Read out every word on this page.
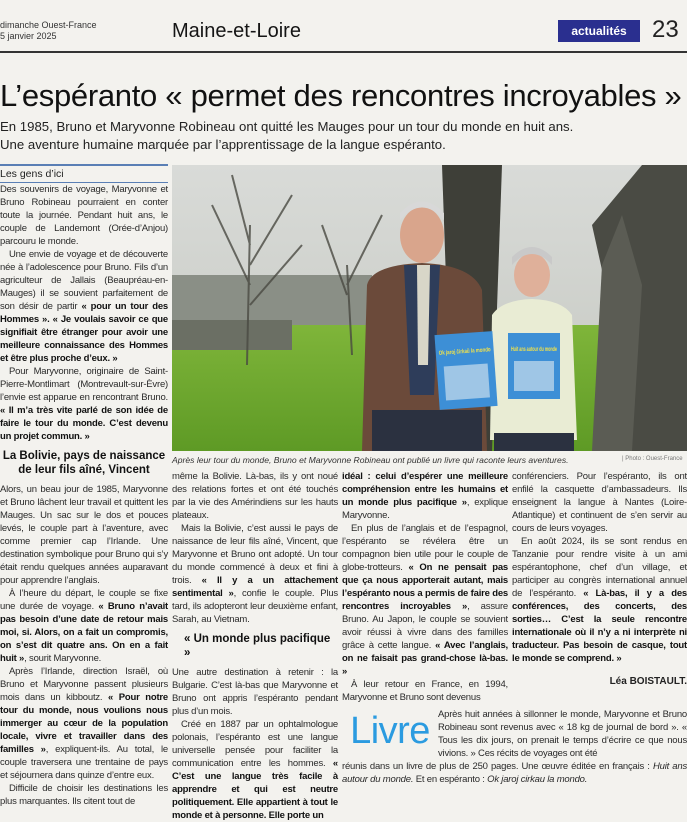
dimanche Ouest-France
5 janvier 2025	Maine-et-Loire	actualités	23
L’espéranto « permet des rencontres incroyables »
En 1985, Bruno et Maryvonne Robineau ont quitté les Mauges pour un tour du monde en huit ans.
Une aventure humaine marquée par l’apprentissage de la langue espéranto.
Les gens d’ici

Des souvenirs de voyage, Maryvonne et Bruno Robineau pourraient en conter toute la journée. Pendant huit ans, le couple de Landemont (Orée-d’Anjou) parcouru le monde.

Une envie de voyage et de découverte née à l’adolescence pour Bruno. Fils d’un agriculteur de Jallais (Beaupréau-en-Mauges) il se souvient parfaitement de son désir de partir « pour un tour des Hommes ». « Je voulais savoir ce que signifiait être étranger pour avoir une meilleure connaissance des Hommes et être plus proche d’eux. »

Pour Maryvonne, originaire de Saint-Pierre-Montlimart (Montrevault-sur-Èvre) l’envie est apparue en rencontrant Bruno. « Il m’a très vite parlé de son idée de faire le tour du monde. C’est devenu un projet commun. »

La Bolivie, pays de naissance de leur fils aîné, Vincent

Alors, un beau jour de 1985, Maryvonne et Bruno lâchent leur travail et quittent les Mauges. Un sac sur le dos et pouces levés, le couple part à l’aventure, avec comme premier cap l’Irlande. Une destination symbolique pour Bruno qui s’y était rendu quelques années auparavant pour apprendre l’anglais.

À l’heure du départ, le couple se fixe une durée de voyage. « Bruno n’avait pas besoin d’une date de retour mais moi, si. Alors, on a fait un compromis, on s’est dit quatre ans. On en a fait huit », sourit Maryvonne.

Après l’Irlande, direction Israël, où Bruno et Maryvonne passent plusieurs mois dans un kibboutz. « Pour notre tour du monde, nous voulions nous immerger au cœur de la population locale, vivre et travailler dans des familles », expliquent-ils. Au total, le couple traversera une trentaine de pays et séjournera dans quinze d’entre eux.

Difficile de choisir les destinations les plus marquantes. Ils citent tout de

Ok jaroj ĉirkaŭ la mondo Huit ans autour du monde
Après leur tour du monde, Bruno et Maryvonne Robineau ont publié un livre qui raconte leurs aventures.	| Photo : Ouest-France

même la Bolivie. Là-bas, ils y ont noué des relations fortes et ont été touchés par la vie des Amérindiens sur les hauts plateaux.

Mais la Bolivie, c’est aussi le pays de naissance de leur fils aîné, Vincent, que Maryvonne et Bruno ont adopté. Un tour du monde commencé à deux et fini à trois. « Il y a un attachement sentimental », confie le couple. Plus tard, ils adopteront leur deuxième enfant, Sarah, au Vietnam.

« Un monde plus pacifique »

Une autre destination à retenir : la Bulgarie. C’est là-bas que Maryvonne et Bruno ont appris l’espéranto pendant plus d’un mois.

Créé en 1887 par un ophtalmologue polonais, l’espéranto est une langue universelle pensée pour faciliter la communication entre les hommes. « C’est une langue très facile à apprendre et qui est neutre politiquement. Elle appartient à tout le monde et à personne. Elle porte un

idéal : celui d’espérer une meilleure compréhension entre les humains et un monde plus pacifique », explique Maryvonne.

En plus de l’anglais et de l’espagnol, l’espéranto se révélera être un compagnon bien utile pour le couple de globe-trotteurs. « On ne pensait pas que ça nous apporterait autant, mais l’espéranto nous a permis de faire des rencontres incroyables », assure Bruno. Au Japon, le couple se souvient avoir réussi à vivre dans des familles grâce à cette langue. « Avec l’anglais, on ne faisait pas grand-chose là-bas. »

À leur retour en France, en 1994, Maryvonne et Bruno sont devenus

conférenciers. Pour l’espéranto, ils ont enfilé la casquette d’ambassadeurs. Ils enseignent la langue à Nantes (Loire-Atlantique) et continuent de s’en servir au cours de leurs voyages.

En août 2024, ils se sont rendus en Tanzanie pour rendre visite à un ami espérantophone, chef d’un village, et participer au congrès international annuel de l’espéranto. « Là-bas, il y a des conférences, des concerts, des sorties… C’est la seule rencontre internationale où il n’y a ni interprète ni traducteur. Pas besoin de casque, tout le monde se comprend. »

Léa BOISTAULT.
Livre Après huit années à sillonner le monde, Maryvonne et Bruno Robineau sont revenus avec « 18 kg de journal de bord ». « Tous les dix jours, on prenait le temps d’écrire ce que nous vivions. » Ces récits de voyages ont été

réunis dans un livre de plus de 250 pages. Une œuvre éditée en français : Huit ans autour du monde. Et en espéranto : Ok jaroj cirkau la mondo.
